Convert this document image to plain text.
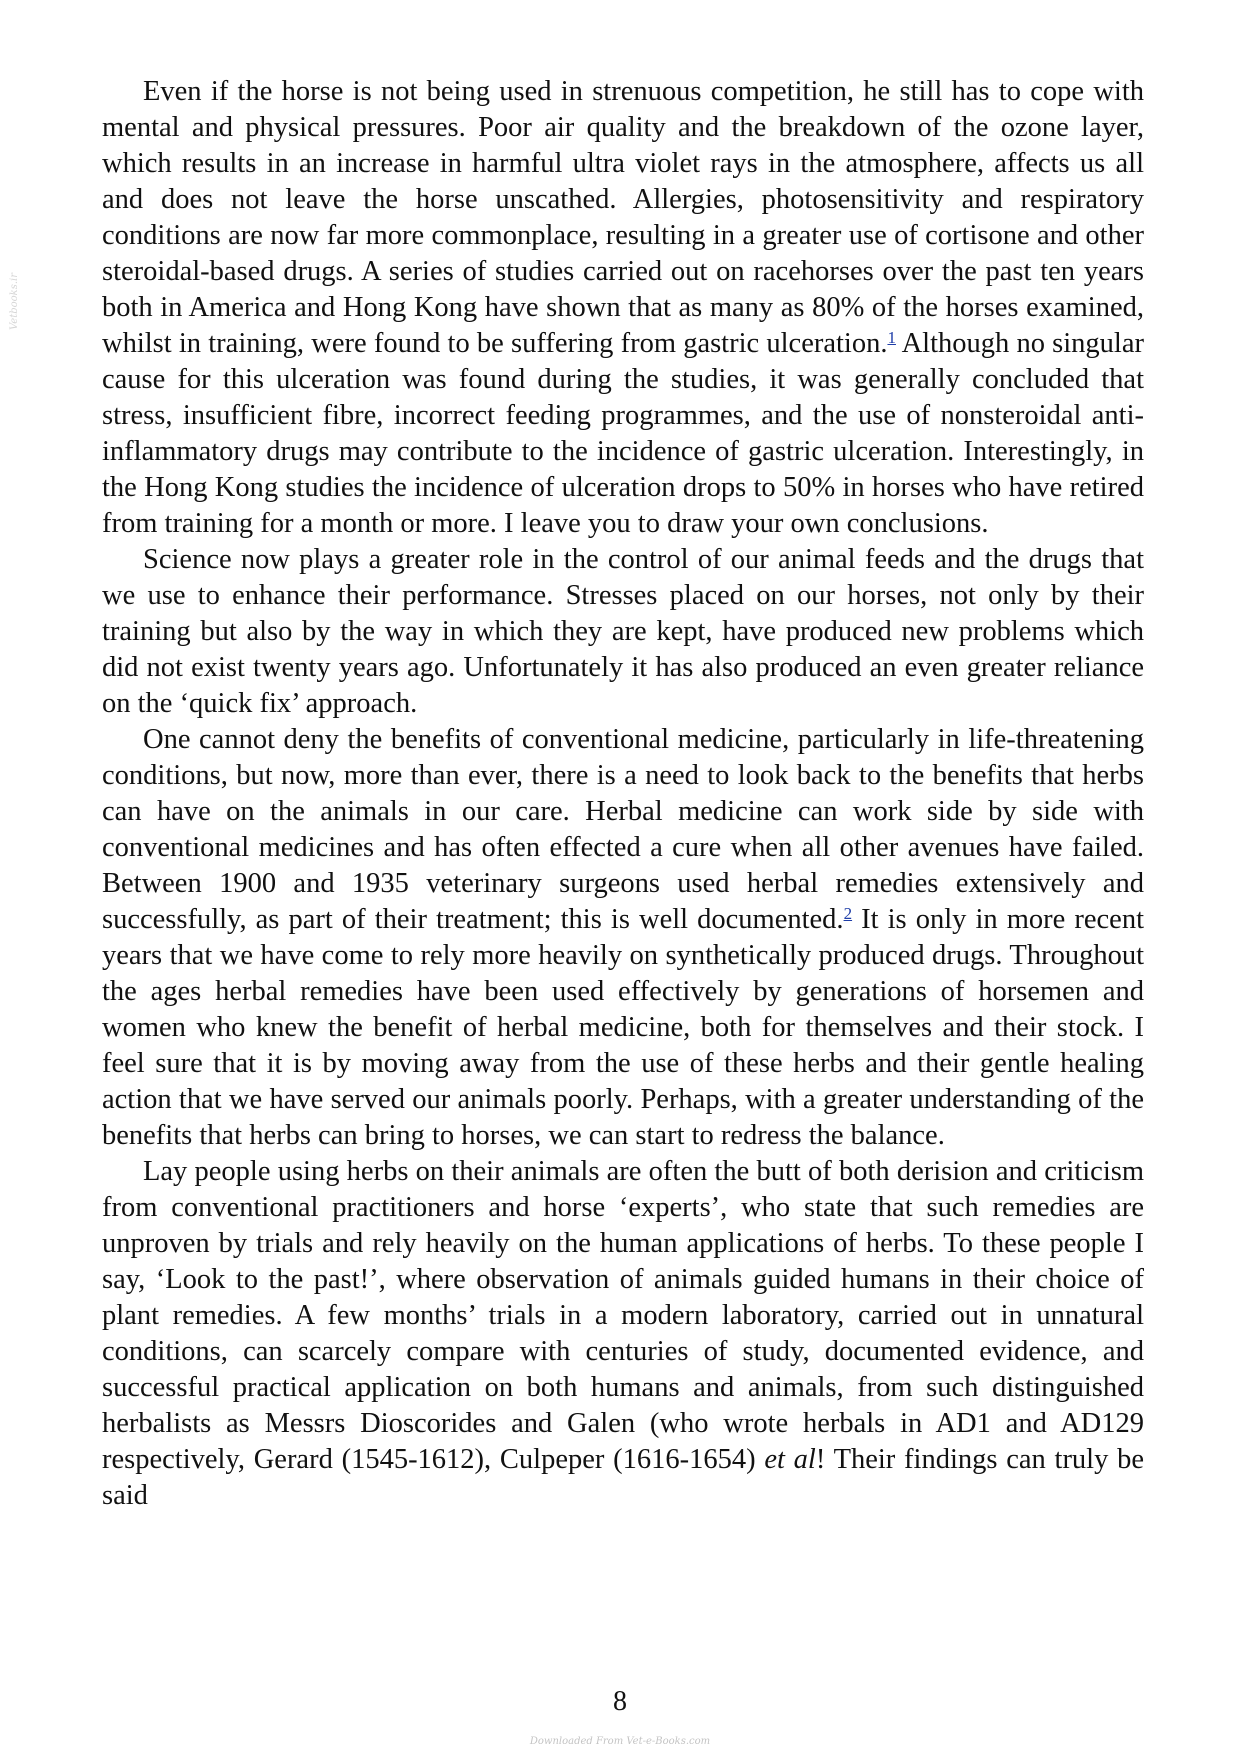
Vetbooks.ir

Even if the horse is not being used in strenuous competition, he still has to cope with mental and physical pressures. Poor air quality and the breakdown of the ozone layer, which results in an increase in harmful ultra violet rays in the atmosphere, affects us all and does not leave the horse unscathed. Allergies, photosensitivity and respiratory conditions are now far more commonplace, resulting in a greater use of cortisone and other steroidal-based drugs. A series of studies carried out on racehorses over the past ten years both in America and Hong Kong have shown that as many as 80% of the horses examined, whilst in training, were found to be suffering from gastric ulceration.$^1$ Although no singular cause for this ulceration was found during the studies, it was generally concluded that stress, insufficient fibre, incorrect feeding programmes, and the use of nonsteroidal anti-inflammatory drugs may contribute to the incidence of gastric ulceration. Interestingly, in the Hong Kong studies the incidence of ulceration drops to 50% in horses who have retired from training for a month or more. I leave you to draw your own conclusions.

Science now plays a greater role in the control of our animal feeds and the drugs that we use to enhance their performance. Stresses placed on our horses, not only by their training but also by the way in which they are kept, have produced new problems which did not exist twenty years ago. Unfortunately it has also produced an even greater reliance on the ‘quick fix’ approach.

One cannot deny the benefits of conventional medicine, particularly in life-threatening conditions, but now, more than ever, there is a need to look back to the benefits that herbs can have on the animals in our care. Herbal medicine can work side by side with conventional medicines and has often effected a cure when all other avenues have failed. Between 1900 and 1935 veterinary surgeons used herbal remedies extensively and successfully, as part of their treatment; this is well documented.$^2$ It is only in more recent years that we have come to rely more heavily on synthetically produced drugs. Throughout the ages herbal remedies have been used effectively by generations of horsemen and women who knew the benefit of herbal medicine, both for themselves and their stock. I feel sure that it is by moving away from the use of these herbs and their gentle healing action that we have served our animals poorly. Perhaps, with a greater understanding of the benefits that herbs can bring to horses, we can start to redress the balance.

Lay people using herbs on their animals are often the butt of both derision and criticism from conventional practitioners and horse ‘experts’, who state that such remedies are unproven by trials and rely heavily on the human applications of herbs. To these people I say, ‘Look to the past!’, where observation of animals guided humans in their choice of plant remedies. A few months’ trials in a modern laboratory, carried out in unnatural conditions, can scarcely compare with centuries of study, documented evidence, and successful practical application on both humans and animals, from such distinguished herbalists as Messrs Dioscorides and Galen (who wrote herbals in AD1 and AD129 respectively, Gerard (1545-1612), Culpeper (1616-1654) et al! Their findings can truly be said

8
Downloaded From Vet-e-Books.com
